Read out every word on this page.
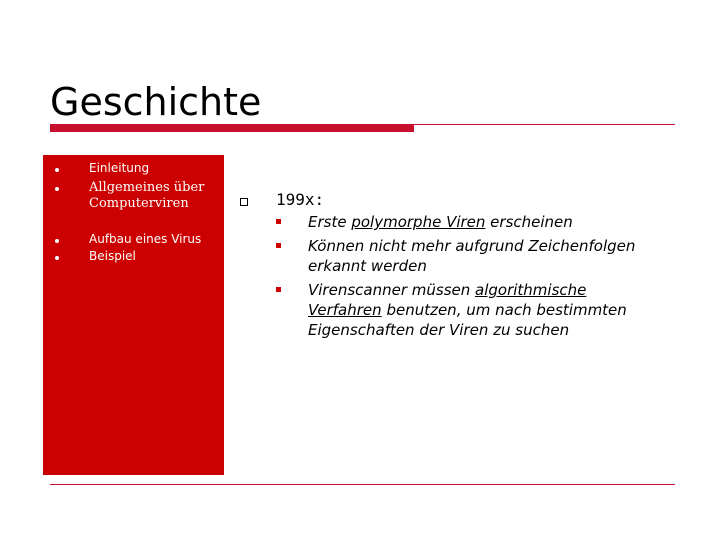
Geschichte
Einleitung
Allgemeines über Computerviren
Aufbau eines Virus
Beispiel
199x:
Erste polymorphe Viren erscheinen
Können nicht mehr aufgrund Zeichenfolgen erkannt werden
Virenscanner müssen algorithmische Verfahren benutzen, um nach bestimmten Eigenschaften der Viren zu suchen
